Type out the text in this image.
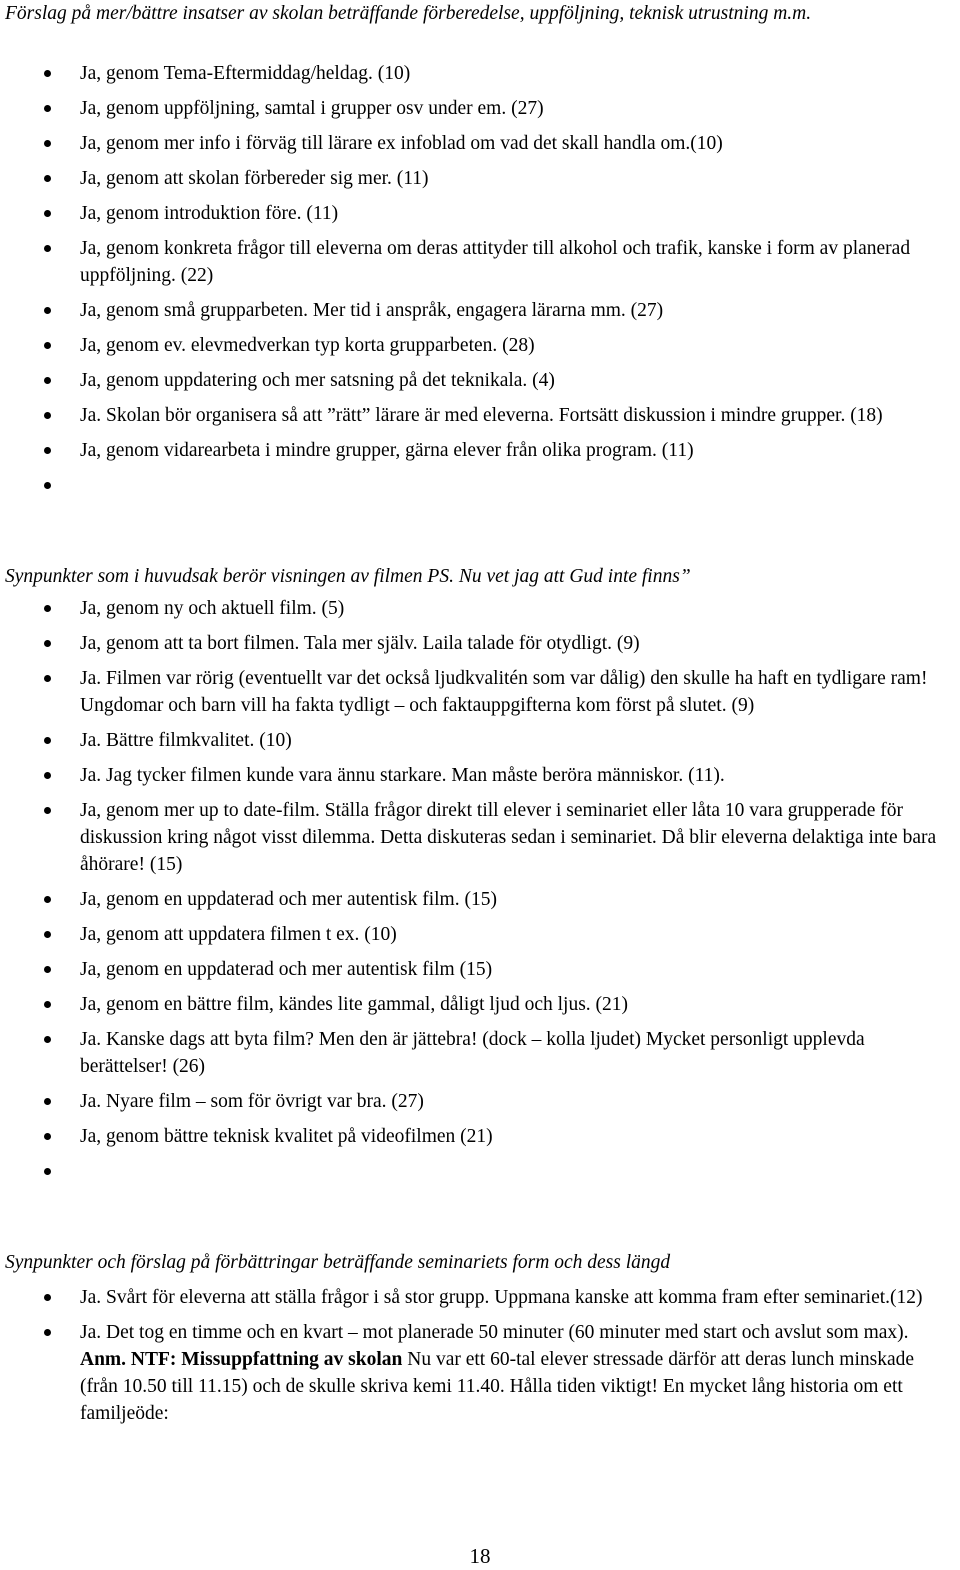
Förslag på mer/bättre insatser av skolan beträffande förberedelse, uppföljning, teknisk utrustning m.m.

Ja, genom Tema-Eftermiddag/heldag. (10)
Ja, genom uppföljning, samtal i grupper osv under em. (27)
Ja, genom mer info i förväg till lärare ex infoblad om vad det skall handla om.(10)
Ja, genom att skolan förbereder sig mer. (11)
Ja, genom introduktion före. (11)
Ja, genom konkreta frågor till eleverna om deras attityder till alkohol och trafik, kanske i form av planerad uppföljning. (22)
Ja, genom små grupparbeten. Mer tid i anspråk, engagera lärarna mm. (27)
Ja, genom ev. elevmedverkan typ korta grupparbeten. (28)
Ja, genom uppdatering och mer satsning på det teknikala. (4)
Ja. Skolan bör organisera så att ”rätt” lärare är med eleverna. Fortsätt diskussion i mindre grupper. (18)
Ja, genom vidarearbeta i mindre grupper, gärna elever från olika program. (11)

Synpunkter som i huvudsak berör visningen av filmen PS. Nu vet jag att Gud inte finns”

Ja, genom ny och aktuell film. (5)
Ja, genom att ta bort filmen. Tala mer själv. Laila talade för otydligt. (9)
Ja. Filmen var rörig (eventuellt var det också ljudkvalitén som var dålig) den skulle ha haft en tydligare ram! Ungdomar och barn vill ha fakta tydligt – och faktauppgifterna kom först på slutet. (9)
Ja. Bättre filmkvalitet. (10)
Ja. Jag tycker filmen kunde vara ännu starkare. Man måste beröra människor. (11).
Ja, genom mer up to date-film. Ställa frågor direkt till elever i seminariet eller låta 10 vara grupperade för diskussion kring något visst dilemma. Detta diskuteras sedan i seminariet. Då blir eleverna delaktiga inte bara åhörare! (15)
Ja, genom en uppdaterad och mer autentisk film. (15)
Ja, genom att uppdatera filmen t ex. (10)
Ja, genom en uppdaterad och mer autentisk film (15)
Ja, genom en bättre film, kändes lite gammal, dåligt ljud och ljus. (21)
Ja. Kanske dags att byta film? Men den är jättebra! (dock – kolla ljudet) Mycket personligt upplevda berättelser! (26)
Ja. Nyare film – som för övrigt var bra. (27)
Ja, genom bättre teknisk kvalitet på videofilmen (21)

Synpunkter och förslag på förbättringar beträffande seminariets form och dess längd

Ja. Svårt för eleverna att ställa frågor i så stor grupp. Uppmana kanske att komma fram efter seminariet.(12)
Ja. Det tog en timme och en kvart – mot planerade 50 minuter (60 minuter med start och avslut som max). Anm. NTF: Missuppfattning av skolan Nu var ett 60-tal elever stressade därför att deras lunch minskade (från 10.50 till 11.15) och de skulle skriva kemi 11.40. Hålla tiden viktigt! En mycket lång historia om ett familjeöde:
18
